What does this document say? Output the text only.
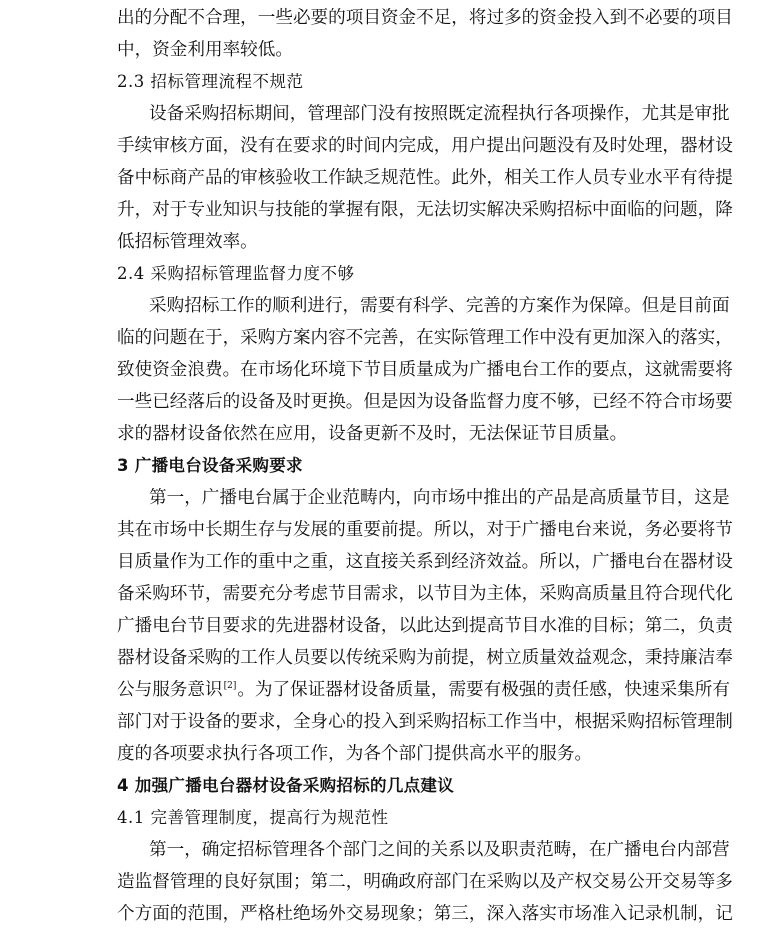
出的分配不合理，一些必要的项目资金不足，将过多的资金投入到不必要的项目
中，资金利用率较低。
2.3 招标管理流程不规范
设备采购招标期间，管理部门没有按照既定流程执行各项操作，尤其是审批
手续审核方面，没有在要求的时间内完成，用户提出问题没有及时处理，器材设
备中标商产品的审核验收工作缺乏规范性。此外，相关工作人员专业水平有待提
升，对于专业知识与技能的掌握有限，无法切实解决采购招标中面临的问题，降
低招标管理效率。
2.4 采购招标管理监督力度不够
采购招标工作的顺利进行，需要有科学、完善的方案作为保障。但是目前面
临的问题在于，采购方案内容不完善，在实际管理工作中没有更加深入的落实，
致使资金浪费。在市场化环境下节目质量成为广播电台工作的要点，这就需要将
一些已经落后的设备及时更换。但是因为设备监督力度不够，已经不符合市场要
求的器材设备依然在应用，设备更新不及时，无法保证节目质量。
3 广播电台设备采购要求
第一，广播电台属于企业范畴内，向市场中推出的产品是高质量节目，这是
其在市场中长期生存与发展的重要前提。所以，对于广播电台来说，务必要将节
目质量作为工作的重中之重，这直接关系到经济效益。所以，广播电台在器材设
备采购环节，需要充分考虑节目需求，以节目为主体，采购高质量且符合现代化
广播电台节目要求的先进器材设备，以此达到提高节目水准的目标；第二，负责
器材设备采购的工作人员要以传统采购为前提，树立质量效益观念，秉持廉洁奉
公与服务意识[2]。为了保证器材设备质量，需要有极强的责任感，快速采集所有
部门对于设备的要求，全身心的投入到采购招标工作当中，根据采购招标管理制
度的各项要求执行各项工作，为各个部门提供高水平的服务。
4 加强广播电台器材设备采购招标的几点建议
4.1 完善管理制度，提高行为规范性
第一，确定招标管理各个部门之间的关系以及职责范畴，在广播电台内部营
造监督管理的良好氛围；第二，明确政府部门在采购以及产权交易公开交易等多
个方面的范围，严格杜绝场外交易现象；第三，深入落实市场准入记录机制，记
